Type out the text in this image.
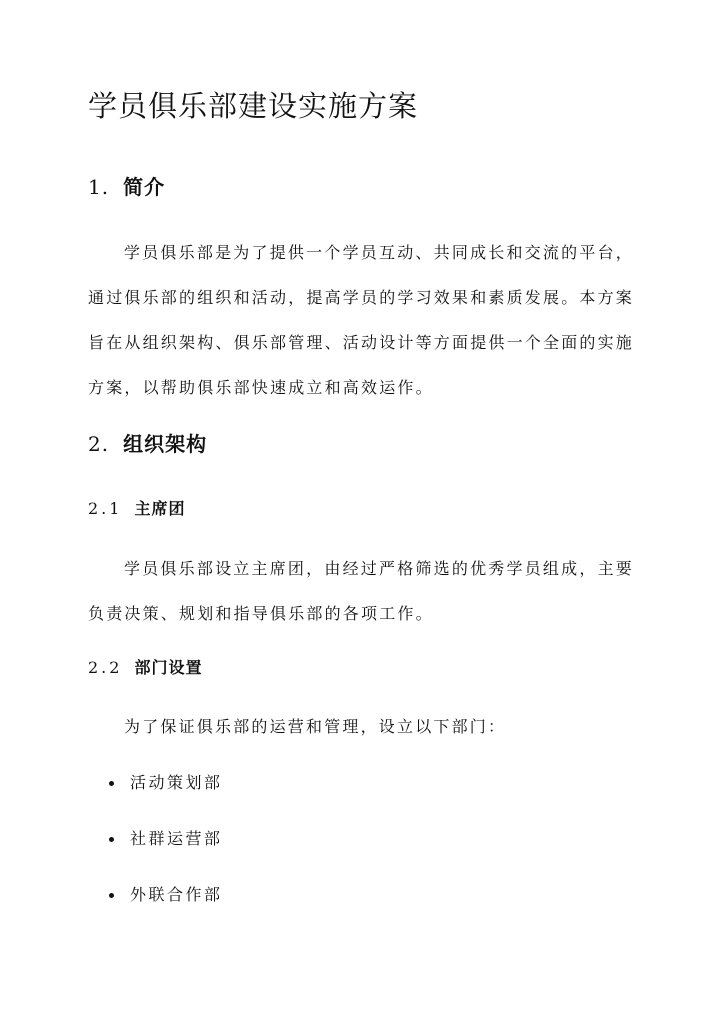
学员俱乐部建设实施方案
1. 简介

学员俱乐部是为了提供一个学员互动、共同成长和交流的平台，通过俱乐部的组织和活动，提高学员的学习效果和素质发展。本方案旨在从组织架构、俱乐部管理、活动设计等方面提供一个全面的实施方案，以帮助俱乐部快速成立和高效运作。

2. 组织架构
2.1 主席团

学员俱乐部设立主席团，由经过严格筛选的优秀学员组成，主要负责决策、规划和指导俱乐部的各项工作。

2.2 部门设置

为了保证俱乐部的运营和管理，设立以下部门：

活动策划部
社群运营部
外联合作部
